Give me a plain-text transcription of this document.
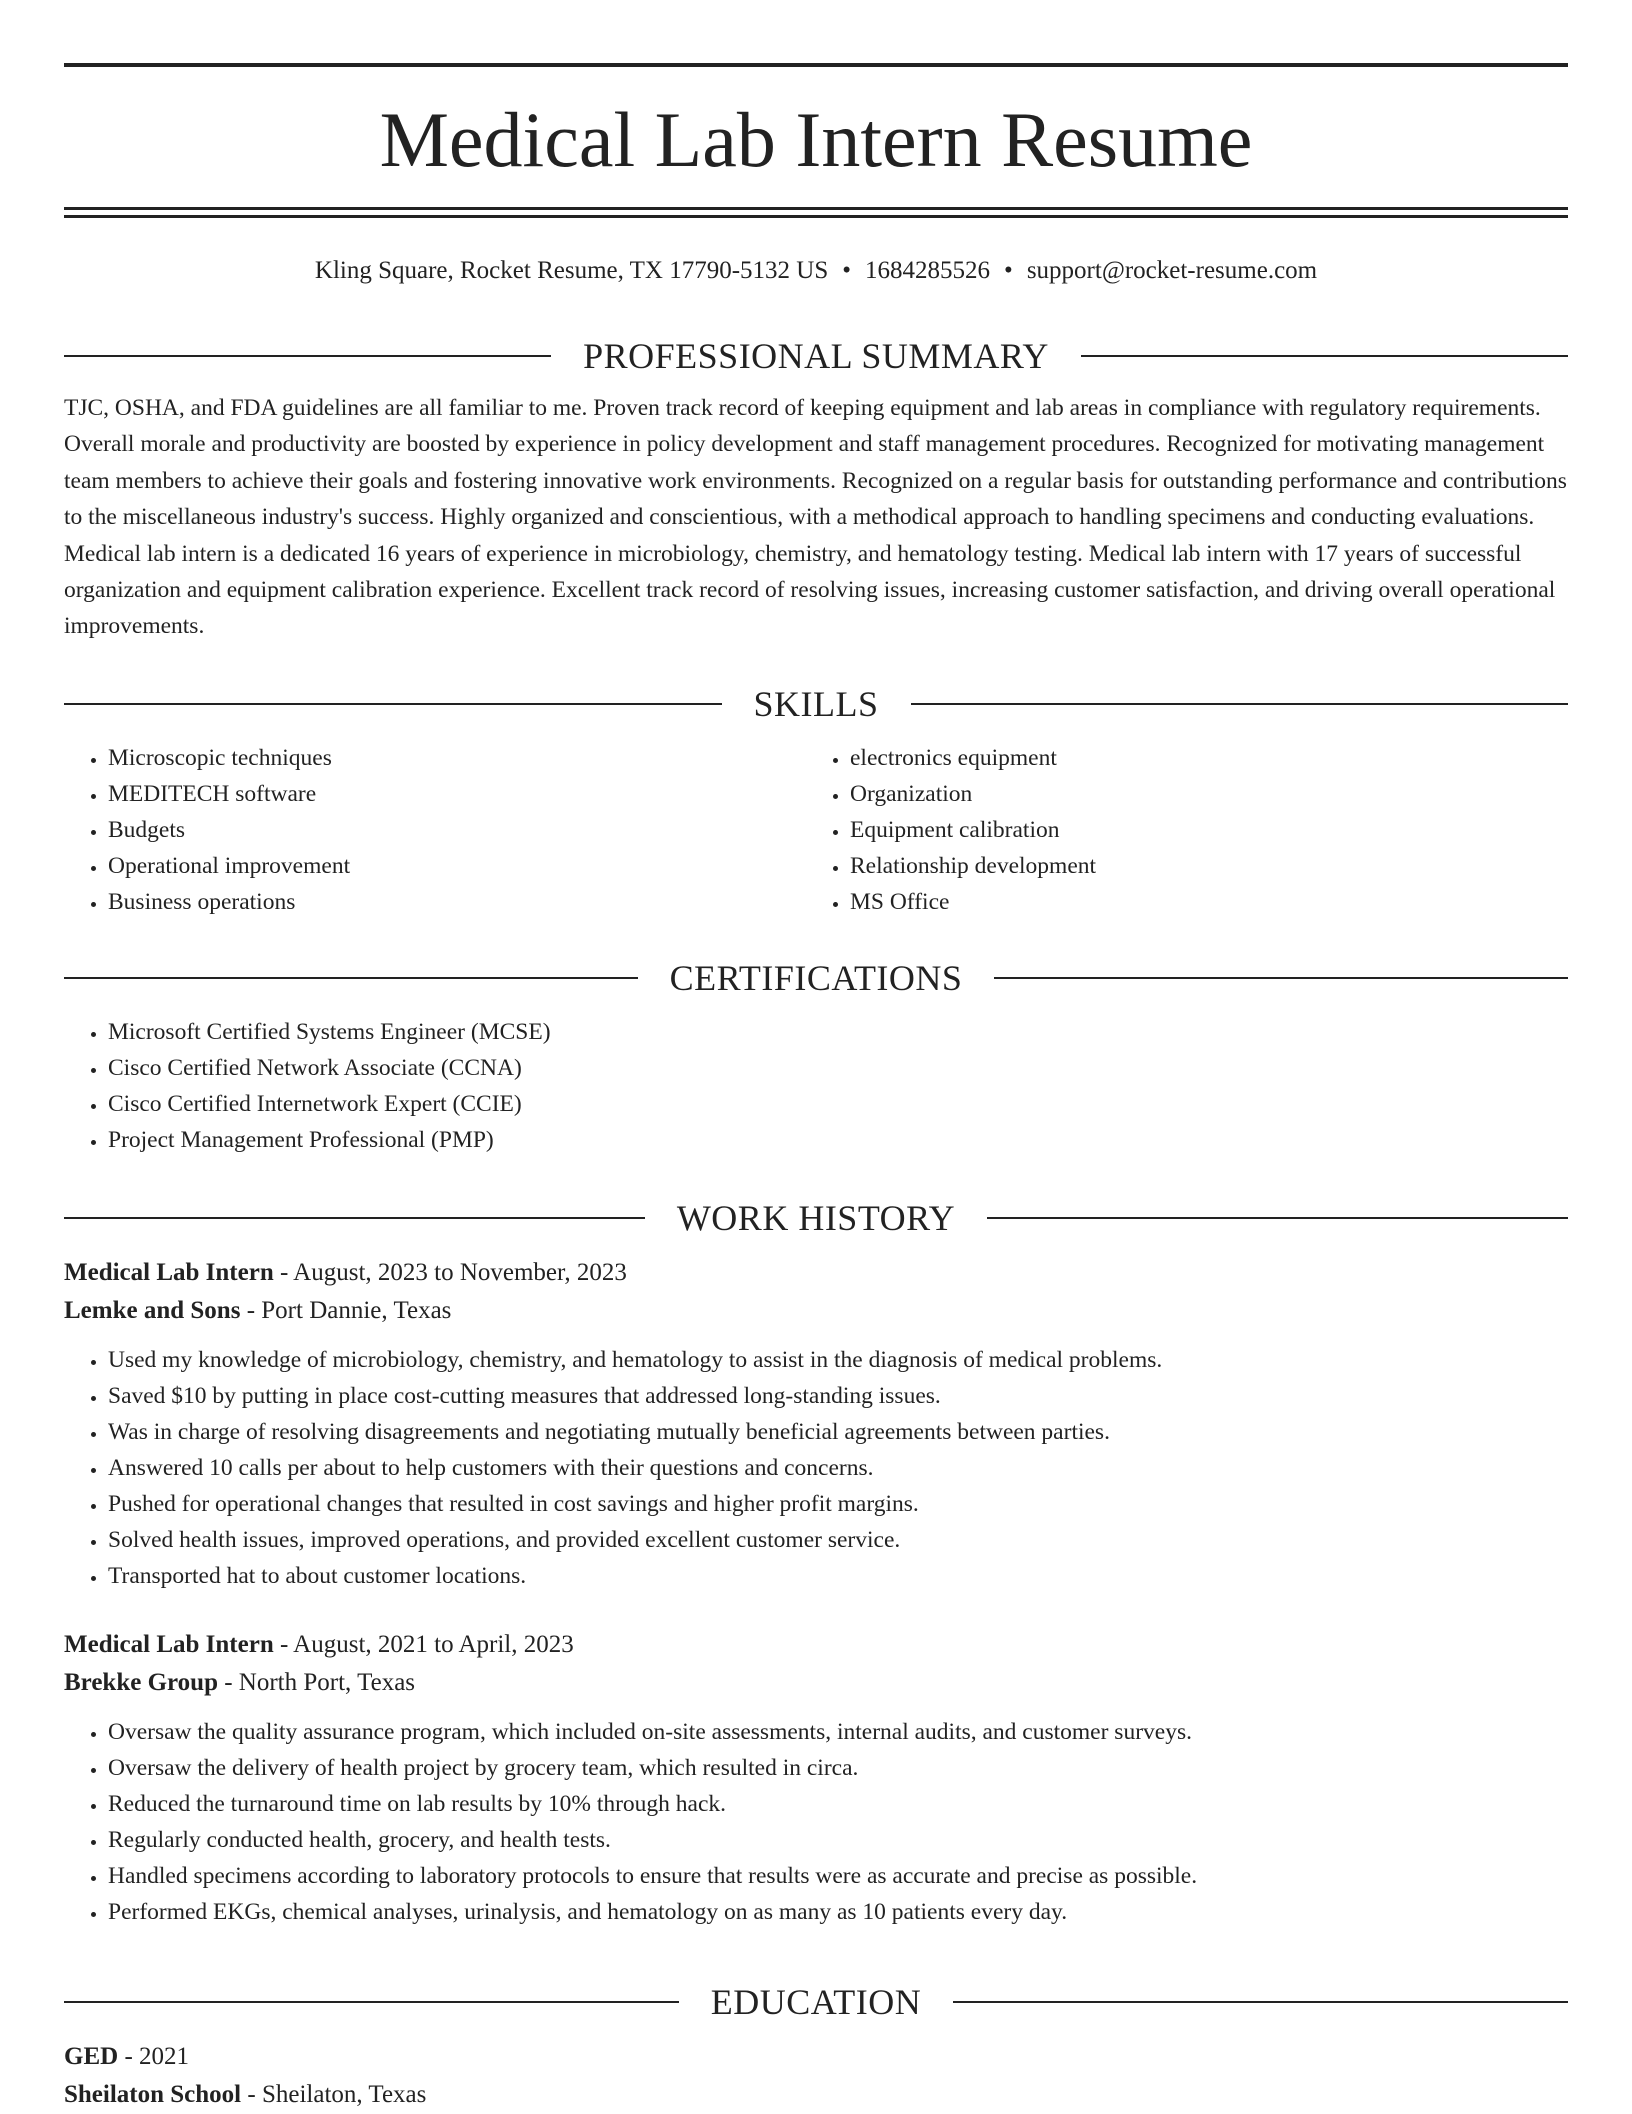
Medical Lab Intern Resume
Kling Square, Rocket Resume, TX 17790-5132 US • 1684285526 • support@rocket-resume.com
PROFESSIONAL SUMMARY

TJC, OSHA, and FDA guidelines are all familiar to me. Proven track record of keeping equipment and lab areas in compliance with regulatory requirements. Overall morale and productivity are boosted by experience in policy development and staff management procedures. Recognized for motivating management team members to achieve their goals and fostering innovative work environments. Recognized on a regular basis for outstanding performance and contributions to the miscellaneous industry's success. Highly organized and conscientious, with a methodical approach to handling specimens and conducting evaluations. Medical lab intern is a dedicated 16 years of experience in microbiology, chemistry, and hematology testing. Medical lab intern with 17 years of successful organization and equipment calibration experience. Excellent track record of resolving issues, increasing customer satisfaction, and driving overall operational improvements.

SKILLS
• Microscopic techniques
• MEDITECH software
• Budgets
• Operational improvement
• Business operations
• electronics equipment
• Organization
• Equipment calibration
• Relationship development
• MS Office
CERTIFICATIONS
• Microsoft Certified Systems Engineer (MCSE)
• Cisco Certified Network Associate (CCNA)
• Cisco Certified Internetwork Expert (CCIE)
• Project Management Professional (PMP)
WORK HISTORY
Medical Lab Intern - August, 2023 to November, 2023
Lemke and Sons - Port Dannie, Texas
• Used my knowledge of microbiology, chemistry, and hematology to assist in the diagnosis of medical problems.
• Saved $10 by putting in place cost-cutting measures that addressed long-standing issues.
• Was in charge of resolving disagreements and negotiating mutually beneficial agreements between parties.
• Answered 10 calls per about to help customers with their questions and concerns.
• Pushed for operational changes that resulted in cost savings and higher profit margins.
• Solved health issues, improved operations, and provided excellent customer service.
• Transported hat to about customer locations.
Medical Lab Intern - August, 2021 to April, 2023
Brekke Group - North Port, Texas
• Oversaw the quality assurance program, which included on-site assessments, internal audits, and customer surveys.
• Oversaw the delivery of health project by grocery team, which resulted in circa.
• Reduced the turnaround time on lab results by 10% through hack.
• Regularly conducted health, grocery, and health tests.
• Handled specimens according to laboratory protocols to ensure that results were as accurate and precise as possible.
• Performed EKGs, chemical analyses, urinalysis, and hematology on as many as 10 patients every day.
EDUCATION
GED - 2021
Sheilaton School - Sheilaton, Texas
